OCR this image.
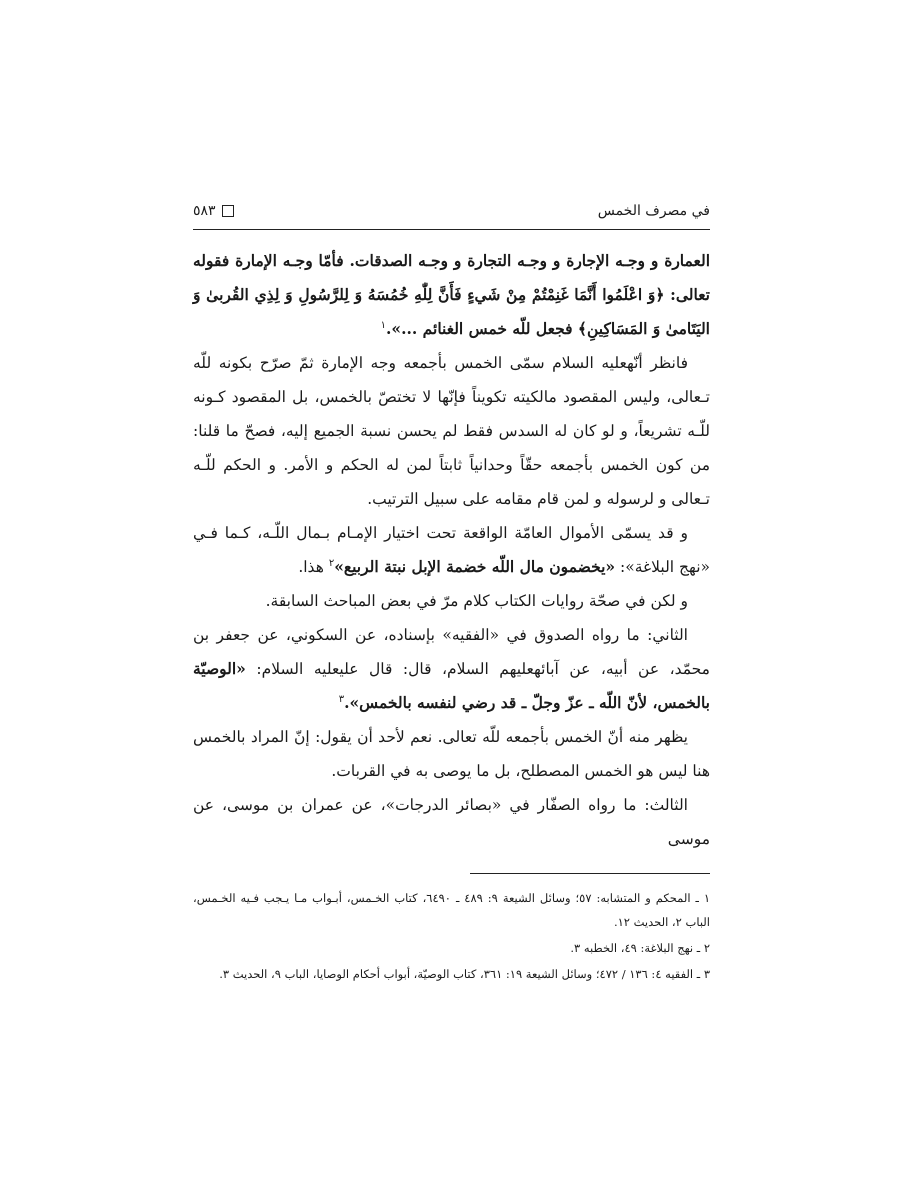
في مصرف الخمس
٥٨٣

العمارة و وجـه الإجارة و وجـه التجارة و وجـه الصدقات. فأمّا وجـه الإمارة فقوله تعالى: ﴿وَ اعْلَمُوا أَنَّمَا غَنِمْتُمْ مِنْ شَيءٍ فَأَنَّ لِلّٰهِ خُمُسَهُ وَ لِلرَّسُولِ وَ لِذِي القُربىٰ وَ اليَتَامىٰ وَ المَسَاكِينِ﴾ فجعل للّه خمس الغنائم ...».$^١$

فانظر أنّهعليه السلام سمّى الخمس بأجمعه وجه الإمارة ثمّ صرّح بكونه للّه تـعالى، وليس المقصود مالكيته تكويناً فإنّها لا تختصّ بالخمس، بل المقصود كـونه للّـه تشريعاً، و لو كان له السدس فقط لم يحسن نسبة الجميع إليه، فصحّ ما قلنا: من كون الخمس بأجمعه حقّاً وحدانياً ثابتاً لمن له الحكم و الأمر. و الحكم للّـه تـعالى و لرسوله و لمن قام مقامه على سبيل الترتيب.

و قد يسمّى الأموال العامّة الواقعة تحت اختيار الإمـام بـمال اللّـه، كـما فـي «نهج البلاغة»: «يخضمون مال اللّه خضمة الإبل نبتة الربيع»$^٢$ هذا.

و لكن في صحّة روايات الكتاب كلام مرّ في بعض المباحث السابقة.

الثاني: ما رواه الصدوق في «الفقيه» بإسناده، عن السكوني، عن جعفر بن محمّد، عن أبيه، عن آبائهعليهم السلام، قال: قال عليعليه السلام: «الوصيّة بالخمس، لأنّ اللّه ـ عزّ وجلّ ـ قد رضي لنفسه بالخمس».$^٣$

يظهر منه أنّ الخمس بأجمعه للّه تعالى. نعم لأحد أن يقول: إنّ المراد بالخمس هنا ليس هو الخمس المصطلح، بل ما يوصى به في القربات.

الثالث: ما رواه الصفّار في «بصائر الدرجات»، عن عمران بن موسى، عن موسى

١ ـ المحكم و المتشابه: ٥٧؛ وسائل الشيعة ٩: ٤٨٩ ـ ٦٤٩٠، كتاب الخـمس، أبـواب مـا يـجب فـيه الخـمس، الباب ٢، الحديث ١٢.

٢ ـ نهج البلاغة: ٤٩، الخطبه ٣.

٣ ـ الفقيه ٤: ١٣٦ / ٤٧٢؛ وسائل الشيعة ١٩: ٣٦١، كتاب الوصيّة، أبواب أحكام الوصايا، الباب ٩، الحديث ٣.
